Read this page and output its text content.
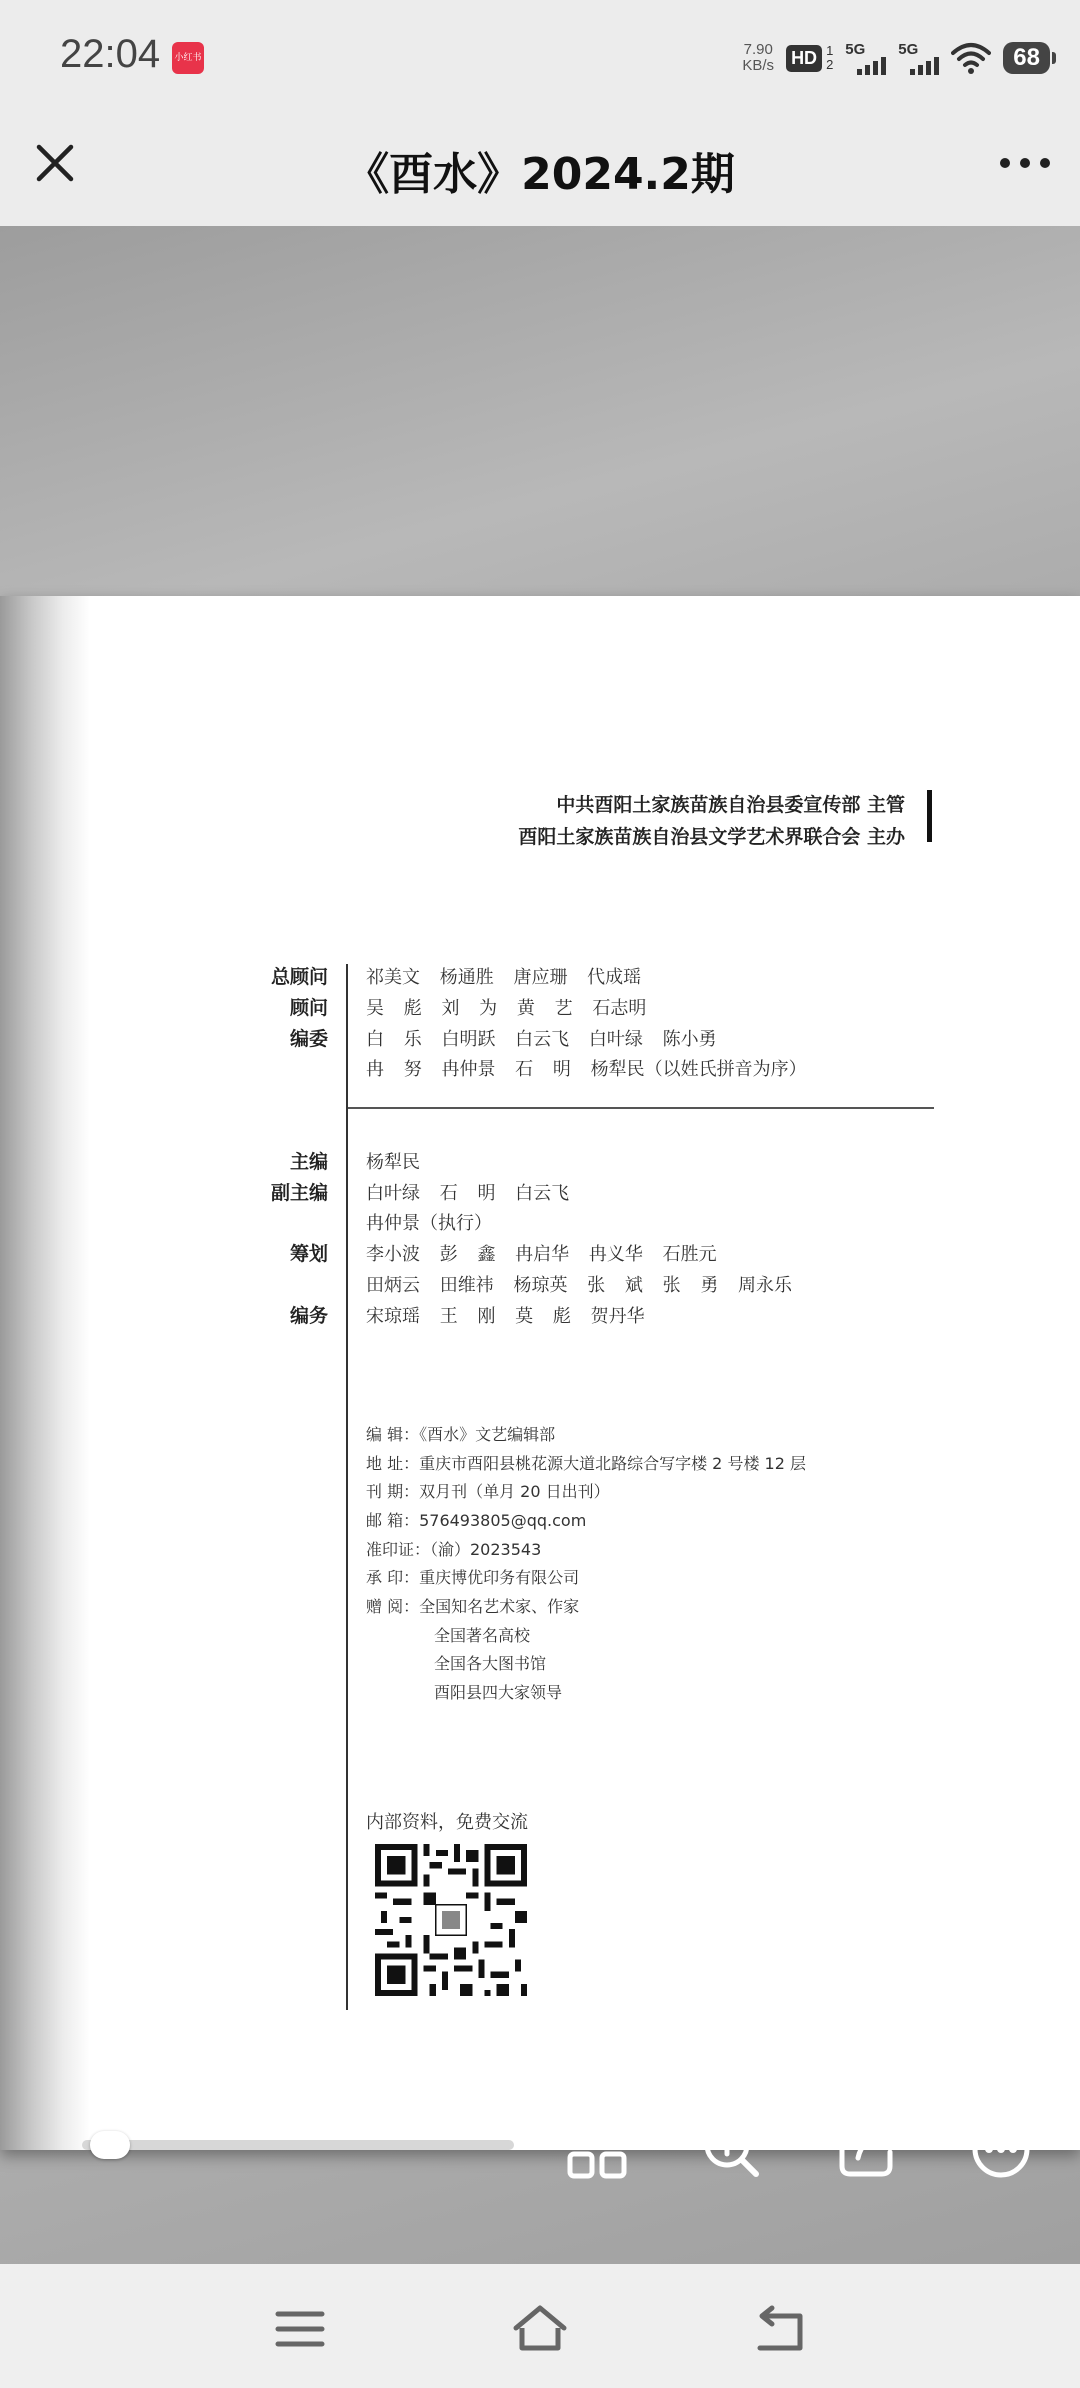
22:04 小红书	7.90
KB/s HD 1
2
5G 5G	68
《酉水》2024.2期
中共酉阳土家族苗族自治县委宣传部 主管
酉阳土家族苗族自治县文学艺术界联合会 主办
总顾问 祁美文 杨通胜 唐应珊 代成瑶
顾问 吴 彪 刘 为 黄 艺 石志明
编委 白 乐 白明跃 白云飞 白叶绿 陈小勇
冉 努 冉仲景 石 明 杨犁民（以姓氏拼音为序）
主编 杨犁民
副主编 白叶绿 石 明 白云飞
冉仲景（执行）
筹划 李小波 彭 鑫 冉启华 冉义华 石胜元
田炳云 田维祎 杨琼英 张 斌 张 勇 周永乐
编务 宋琼瑶 王 刚 莫 彪 贺丹华
编 辑：《酉水》文艺编辑部
地 址：重庆市酉阳县桃花源大道北路综合写字楼 2 号楼 12 层
刊 期：双月刊（单月 20 日出刊）
邮 箱：576493805@qq.com
准印证：（渝）2023543
承 印：重庆博优印务有限公司
赠 阅：全国知名艺术家、作家
全国著名高校
全国各大图书馆
酉阳县四大家领导
内部资料，免费交流
